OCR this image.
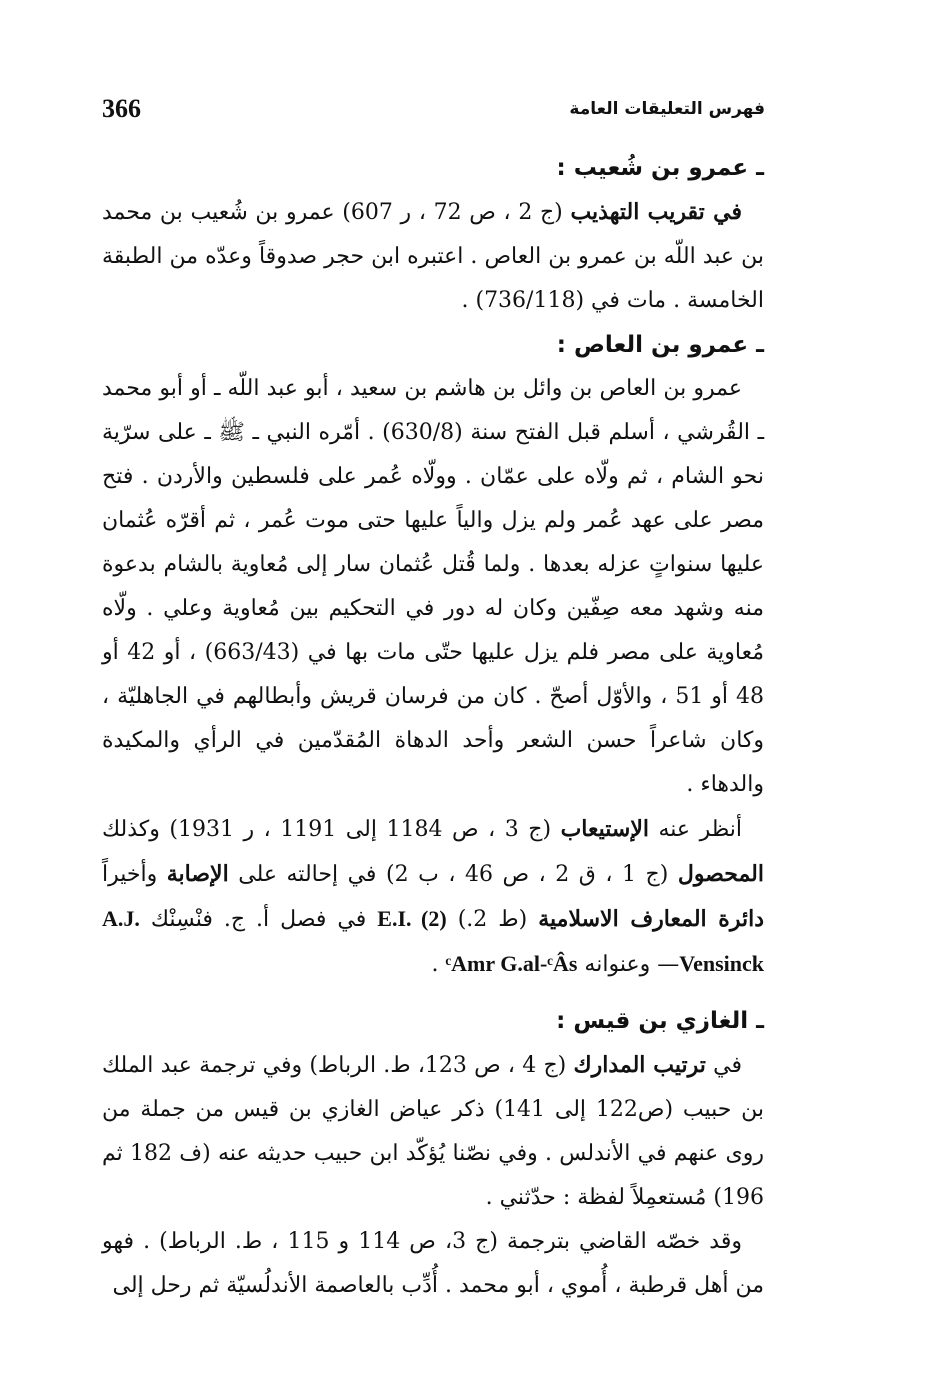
366	فهرس التعليقات العامة
ـ عمرو بن شُعيب :

في تقريب التهذيب (ج 2 ، ص 72 ، ر 607) عمرو بن شُعيب بن محمد بن عبد اللّه بن عمرو بن العاص . اعتبره ابن حجر صدوقاً وعدّه من الطبقة الخامسة . مات في (736/118) .

ـ عمرو بن العاص :

عمرو بن العاص بن وائل بن هاشم بن سعيد ، أبو عبد اللّه ـ أو أبو محمد ـ القُرشي ، أسلم قبل الفتح سنة (630/8) . أمّره النبي ـ ﷺ ـ على سرّية نحو الشام ، ثم ولّاه على عمّان . وولّاه عُمر على فلسطين والأردن . فتح مصر على عهد عُمر ولم يزل والياً عليها حتى موت عُمر ، ثم أقرّه عُثمان عليها سنواتٍ عزله بعدها . ولما قُتل عُثمان سار إلى مُعاوية بالشام بدعوة منه وشهد معه صِفّين وكان له دور في التحكيم بين مُعاوية وعلي . ولّاه مُعاوية على مصر فلم يزل عليها حتّى مات بها في (663/43) ، أو 42 أو 48 أو 51 ، والأوّل أصحّ . كان من فرسان قريش وأبطالهم في الجاهليّة ، وكان شاعراً حسن الشعر وأحد الدهاة المُقدّمين في الرأي والمكيدة والدهاء .

أنظر عنه الإستيعاب (ج 3 ، ص 1184 إلى 1191 ، ر 1931) وكذلك المحصول (ج 1 ، ق 2 ، ص 46 ، ب 2) في إحالته على الإصابة وأخيراً دائرة المعارف الاسلامية (ط 2.) E.I. (2) في فصل أ. ج. فنْسِنْك A.J. Vensinck— وعنوانه ᶜAmr G.al-ᶜÂs .

ـ الغازي بن قيس :

في ترتيب المدارك (ج 4 ، ص 123، ط. الرباط) وفي ترجمة عبد الملك بن حبيب (ص122 إلى 141) ذكر عياض الغازي بن قيس من جملة من روى عنهم في الأندلس . وفي نصّنا يُؤكّد ابن حبيب حديثه عنه (ف 182 ثم 196) مُستعمِلاً لفظة : حدّثني .

وقد خصّه القاضي بترجمة (ج 3، ص 114 و 115 ، ط. الرباط) . فهو من أهل قرطبة ، أُموي ، أبو محمد . أُدِّب بالعاصمة الأندلُسيّة ثم رحل إلى
